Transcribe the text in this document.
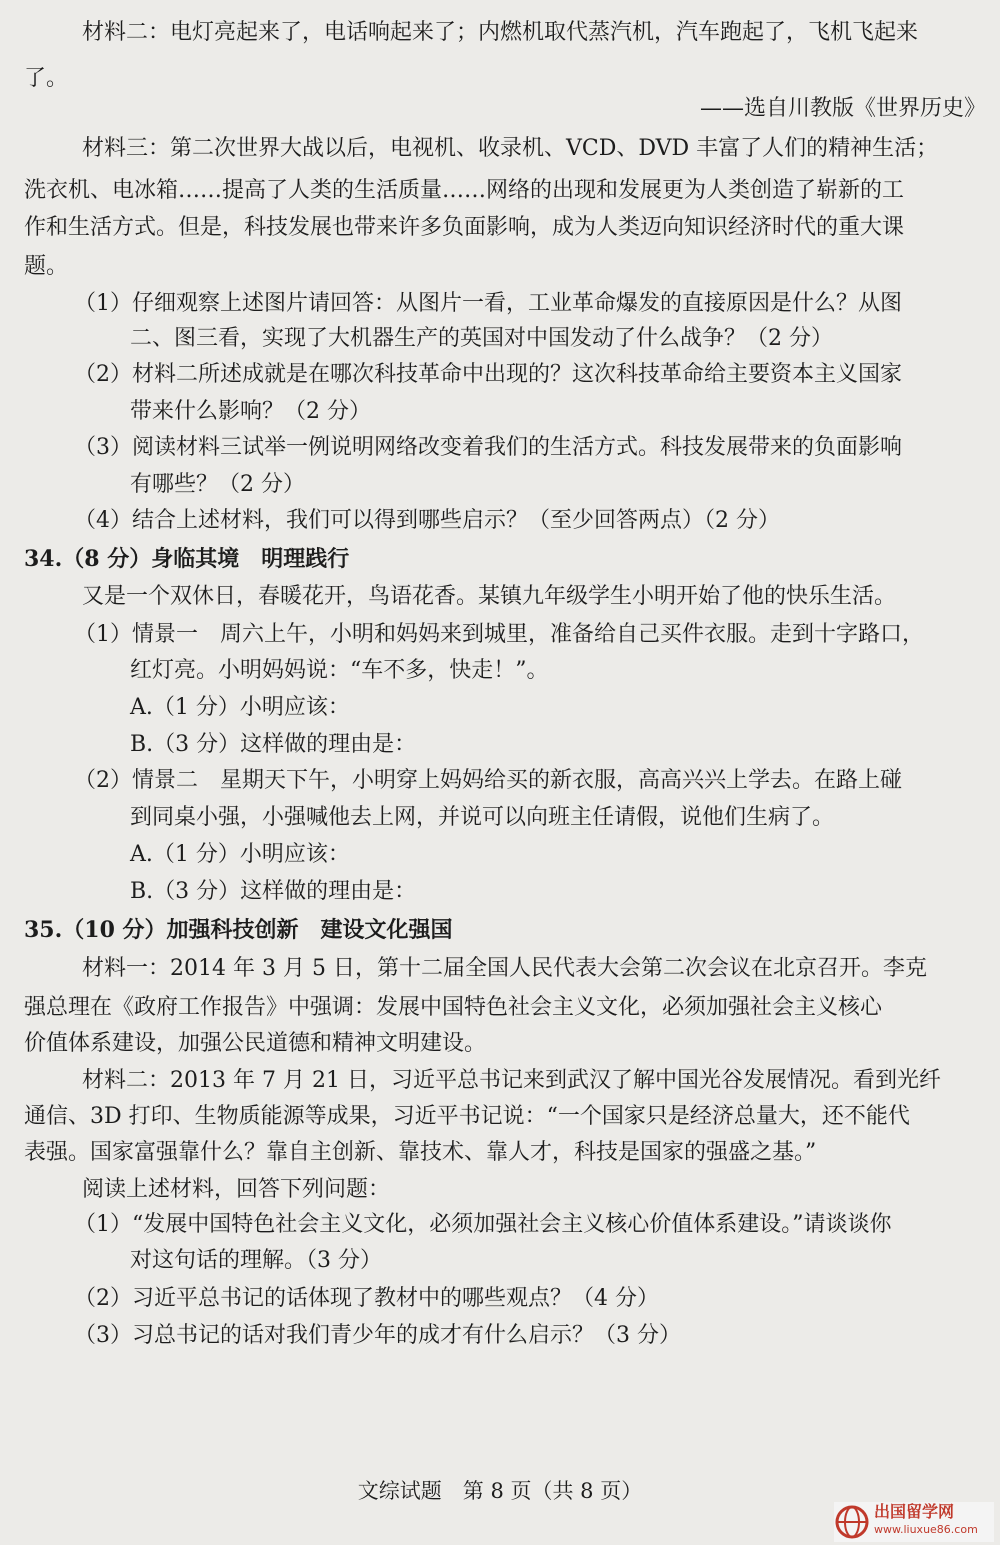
材料二：电灯亮起来了，电话响起来了；内燃机取代蒸汽机，汽车跑起了，飞机飞起来
了。
——选自川教版《世界历史》
材料三：第二次世界大战以后，电视机、收录机、VCD、DVD 丰富了人们的精神生活；
洗衣机、电冰箱……提高了人类的生活质量……网络的出现和发展更为人类创造了崭新的工
作和生活方式。但是，科技发展也带来许多负面影响，成为人类迈向知识经济时代的重大课
题。
（1）仔细观察上述图片请回答：从图片一看，工业革命爆发的直接原因是什么？从图
二、图三看，实现了大机器生产的英国对中国发动了什么战争？（2 分）
（2）材料二所述成就是在哪次科技革命中出现的？这次科技革命给主要资本主义国家
带来什么影响？（2 分）
（3）阅读材料三试举一例说明网络改变着我们的生活方式。科技发展带来的负面影响
有哪些？（2 分）
（4）结合上述材料，我们可以得到哪些启示？（至少回答两点）（2 分）
34.（8 分）身临其境　明理践行
又是一个双休日，春暖花开，鸟语花香。某镇九年级学生小明开始了他的快乐生活。
（1）情景一　周六上午，小明和妈妈来到城里，准备给自己买件衣服。走到十字路口，
红灯亮。小明妈妈说：“车不多，快走！”。
A.（1 分）小明应该：
B.（3 分）这样做的理由是：
（2）情景二　星期天下午，小明穿上妈妈给买的新衣服，高高兴兴上学去。在路上碰
到同桌小强，小强喊他去上网，并说可以向班主任请假，说他们生病了。
A.（1 分）小明应该：
B.（3 分）这样做的理由是：
35.（10 分）加强科技创新　建设文化强国
材料一：2014 年 3 月 5 日，第十二届全国人民代表大会第二次会议在北京召开。李克
强总理在《政府工作报告》中强调：发展中国特色社会主义文化，必须加强社会主义核心
价值体系建设，加强公民道德和精神文明建设。
材料二：2013 年 7 月 21 日，习近平总书记来到武汉了解中国光谷发展情况。看到光纤
通信、3D 打印、生物质能源等成果，习近平书记说：“一个国家只是经济总量大，还不能代
表强。国家富强靠什么？靠自主创新、靠技术、靠人才，科技是国家的强盛之基。”
阅读上述材料，回答下列问题：
（1）“发展中国特色社会主义文化，必须加强社会主义核心价值体系建设。”请谈谈你
对这句话的理解。（3 分）
（2）习近平总书记的话体现了教材中的哪些观点？（4 分）
（3）习总书记的话对我们青少年的成才有什么启示？（3 分）
文综试题　第 8 页（共 8 页）
出国留学网
www.liuxue86.com
